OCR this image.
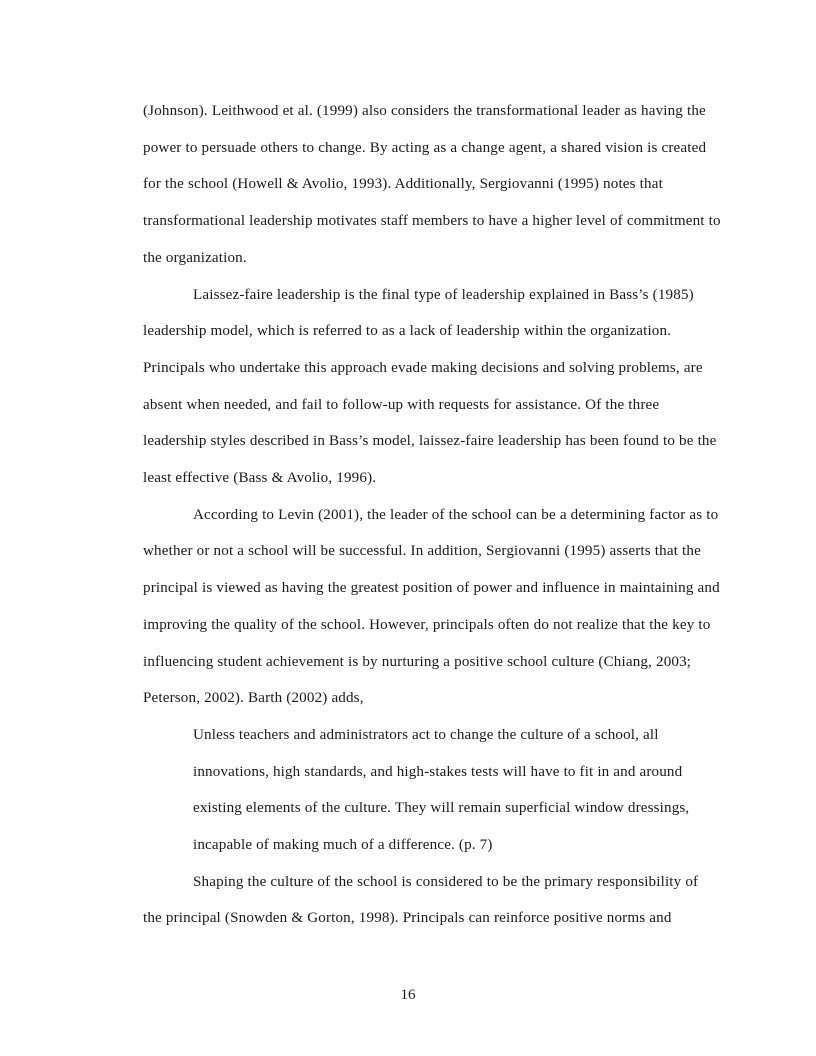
(Johnson). Leithwood et al. (1999) also considers the transformational leader as having the power to persuade others to change. By acting as a change agent, a shared vision is created for the school (Howell & Avolio, 1993). Additionally, Sergiovanni (1995) notes that transformational leadership motivates staff members to have a higher level of commitment to the organization.

Laissez-faire leadership is the final type of leadership explained in Bass’s (1985) leadership model, which is referred to as a lack of leadership within the organization. Principals who undertake this approach evade making decisions and solving problems, are absent when needed, and fail to follow-up with requests for assistance. Of the three leadership styles described in Bass’s model, laissez-faire leadership has been found to be the least effective (Bass & Avolio, 1996).

According to Levin (2001), the leader of the school can be a determining factor as to whether or not a school will be successful. In addition, Sergiovanni (1995) asserts that the principal is viewed as having the greatest position of power and influence in maintaining and improving the quality of the school. However, principals often do not realize that the key to influencing student achievement is by nurturing a positive school culture (Chiang, 2003; Peterson, 2002). Barth (2002) adds,

Unless teachers and administrators act to change the culture of a school, all innovations, high standards, and high-stakes tests will have to fit in and around existing elements of the culture. They will remain superficial window dressings, incapable of making much of a difference. (p. 7)

Shaping the culture of the school is considered to be the primary responsibility of the principal (Snowden & Gorton, 1998). Principals can reinforce positive norms and

16
